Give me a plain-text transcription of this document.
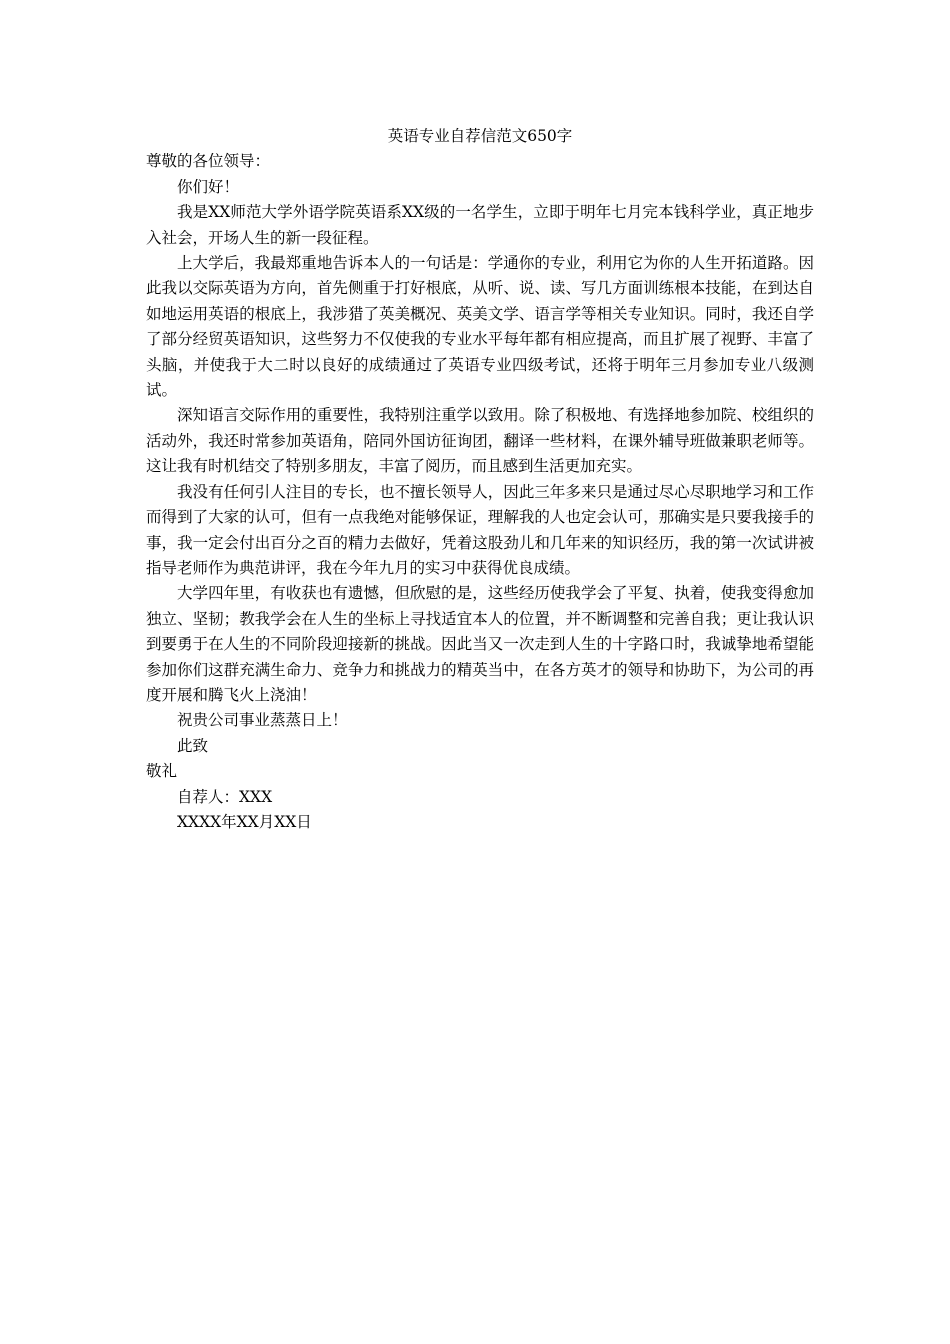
英语专业自荐信范文650字

尊敬的各位领导：

你们好！

我是XX师范大学外语学院英语系XX级的一名学生，立即于明年七月完本钱科学业，真正地步入社会，开场人生的新一段征程。

上大学后，我最郑重地告诉本人的一句话是：学通你的专业，利用它为你的人生开拓道路。因此我以交际英语为方向，首先侧重于打好根底，从听、说、读、写几方面训练根本技能，在到达自如地运用英语的根底上，我涉猎了英美概况、英美文学、语言学等相关专业知识。同时，我还自学了部分经贸英语知识，这些努力不仅使我的专业水平每年都有相应提高，而且扩展了视野、丰富了头脑，并使我于大二时以良好的成绩通过了英语专业四级考试，还将于明年三月参加专业八级测试。

深知语言交际作用的重要性，我特别注重学以致用。除了积极地、有选择地参加院、校组织的活动外，我还时常参加英语角，陪同外国访征询团，翻译一些材料，在课外辅导班做兼职老师等。这让我有时机结交了特别多朋友，丰富了阅历，而且感到生活更加充实。

我没有任何引人注目的专长，也不擅长领导人，因此三年多来只是通过尽心尽职地学习和工作而得到了大家的认可，但有一点我绝对能够保证，理解我的人也定会认可，那确实是只要我接手的事，我一定会付出百分之百的精力去做好，凭着这股劲儿和几年来的知识经历，我的第一次试讲被指导老师作为典范讲评，我在今年九月的实习中获得优良成绩。

大学四年里，有收获也有遗憾，但欣慰的是，这些经历使我学会了平复、执着，使我变得愈加独立、坚韧；教我学会在人生的坐标上寻找适宜本人的位置，并不断调整和完善自我；更让我认识到要勇于在人生的不同阶段迎接新的挑战。因此当又一次走到人生的十字路口时，我诚挚地希望能参加你们这群充满生命力、竞争力和挑战力的精英当中，在各方英才的领导和协助下，为公司的再度开展和腾飞火上浇油！

祝贵公司事业蒸蒸日上！

此致

敬礼

自荐人：XXX

XXXX年XX月XX日
